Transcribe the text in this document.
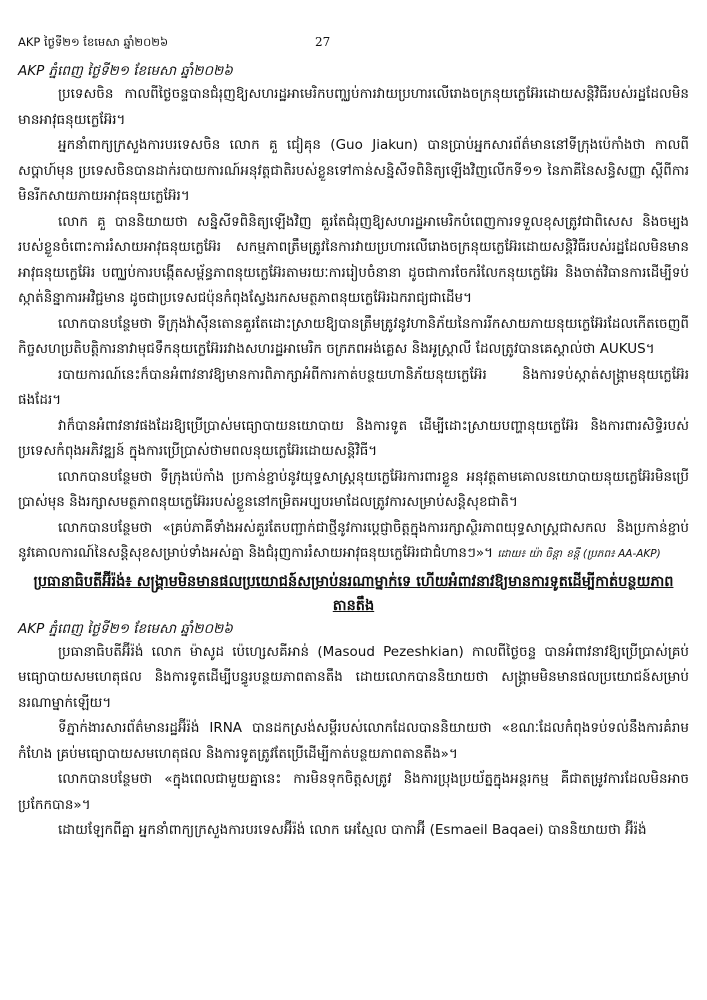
AKP ថ្ងៃទី២១ ខែមេសា ឆ្នាំ២០២៦	27
AKP ភ្នំពេញ ថ្ងៃទី២១ ខែមេសា ឆ្នាំ២០២៦

ប្រទេសចិន កាលពីថ្ងៃចន្ទបានជំរុញឱ្យសហរដ្ឋអាមេរិកបញ្ឈប់ការវាយប្រហារលើរោងចក្រនុយក្លេអ៊ែរដោយសន្តិវិធីរបស់រដ្ឋដែលមិនមានអាវុធនុយក្លេអ៊ែរ។

អ្នកនាំពាក្យក្រសួងការបរទេសចិន លោក គួ ជៀគុន (Guo Jiakun) បានប្រាប់អ្នកសារព័ត៌មាននៅទីក្រុងប៉េកាំងថា កាលពីសប្តាហ៍មុន ប្រទេសចិនបានដាក់របាយការណ៍អនុវត្តជាតិរបស់ខ្លួនទៅកាន់សន្និសីទពិនិត្យឡើងវិញលើកទី១១ នៃភាគីនៃសន្ធិសញ្ញា ស្តីពីការមិនរីកសាយភាយអាវុធនុយក្លេអ៊ែរ។

លោក គួ បាននិយាយថា សន្និសីទពិនិត្យឡើងវិញ គួរតែជំរុញឱ្យសហរដ្ឋអាមេរិកបំពេញការទទួលខុសត្រូវជាពិសេស និងចម្បងរបស់ខ្លួនចំពោះការរំសាយអាវុធនុយក្លេអ៊ែរ សកម្មភាពត្រឹមត្រូវនៃការវាយប្រហារលើរោងចក្រនុយក្លេអ៊ែរដោយសន្តិវិធីរបស់រដ្ឋដែលមិនមានអាវុធនុយក្លេអ៊ែរ បញ្ឈប់ការបង្កើតសម្ព័ន្ធភាពនុយក្លេអ៊ែរតាមរយៈការរៀបចំនានា ដូចជាការចែករំលែកនុយក្លេអ៊ែរ និងចាត់វិធានការដើម្បីទប់ស្កាត់និន្នាការអវិជ្ជមាន ដូចជាប្រទេសជប៉ុនកំពុងស្វែងរកសមត្ថភាពនុយក្លេអ៊ែរឯករាជ្យជាដើម។

លោកបានបន្ថែមថា ទីក្រុងវ៉ាស៊ីនតោនគួរតែដោះស្រាយឱ្យបានត្រឹមត្រូវនូវហានិភ័យនៃការរីកសាយភាយនុយក្លេអ៊ែរដែលកើតចេញពីកិច្ចសហប្រតិបត្តិការនាវាមុជទឹកនុយក្លេអ៊ែររវាងសហរដ្ឋអាមេរិក ចក្រភពអង់គ្លេស និងអូស្ត្រាលី ដែលត្រូវបានគេស្គាល់ថា AUKUS។

របាយការណ៍នេះក៏បានអំពាវនាវឱ្យមានការពិភាក្សាអំពីការកាត់បន្ថយហានិភ័យនុយក្លេអ៊ែរ និងការទប់ស្កាត់សង្គ្រាមនុយក្លេអ៊ែរផងដែរ។

វាក៏បានអំពាវនាវផងដែរឱ្យប្រើប្រាស់មធ្យោបាយនយោបាយ និងការទូត ដើម្បីដោះស្រាយបញ្ហានុយក្លេអ៊ែរ និងការពារសិទ្ធិរបស់ប្រទេសកំពុងអភិវឌ្ឍន៍ ក្នុងការប្រើប្រាស់ថាមពលនុយក្លេអ៊ែរដោយសន្តិវិធី។

លោកបានបន្ថែមថា ទីក្រុងប៉េកាំង ប្រកាន់ខ្ជាប់នូវយុទ្ធសាស្ត្រនុយក្លេអ៊ែរការពារខ្លួន អនុវត្តតាមគោលនយោបាយនុយក្លេអ៊ែរមិនប្រើប្រាស់មុន និងរក្សាសមត្ថភាពនុយក្លេអ៊ែររបស់ខ្លួននៅកម្រិតអប្បបរមាដែលត្រូវការសម្រាប់សន្តិសុខជាតិ។

លោកបានបន្ថែមថា «គ្រប់ភាគីទាំងអស់គួរតែបញ្ជាក់ជាថ្មីនូវការប្តេជ្ញាចិត្តក្នុងការរក្សាស្ថិរភាពយុទ្ធសាស្ត្រជាសកល និងប្រកាន់ខ្ជាប់នូវគោលការណ៍នៃសន្តិសុខសម្រាប់ទាំងអស់គ្នា និងជំរុញការរំសាយអាវុធនុយក្លេអ៊ែរជាជំហានៗ»។ ដោយ៖ យ៉ា ចិន្តា ខន្តី (ប្រភព៖ AA-AKP)

ប្រធានាធិបតីអ៊ីរ៉ង់៖ សង្គ្រាមមិនមានផលប្រយោជន៍សម្រាប់នរណាម្នាក់ទេ ហើយអំពាវនាវឱ្យមានការទូតដើម្បីកាត់បន្ថយភាពតានតឹង
AKP ភ្នំពេញ ថ្ងៃទី២១ ខែមេសា ឆ្នាំ២០២៦

ប្រធានាធិបតីអ៊ីរ៉ង់ លោក ម៉ាសូដ ប៉េហ្សេសគីអាន់ (Masoud Pezeshkian) កាលពីថ្ងៃចន្ទ បានអំពាវនាវឱ្យប្រើប្រាស់គ្រប់មធ្យោបាយសមហេតុផល និងការទូតដើម្បីបន្ធូរបន្ថយភាពតានតឹង ដោយលោកបាននិយាយថា សង្គ្រាមមិនមានផលប្រយោជន៍សម្រាប់នរណាម្នាក់ឡើយ។

ទីភ្នាក់ងារសារព័ត៌មានរដ្ឋអ៊ីរ៉ង់ IRNA បានដកស្រង់សម្តីរបស់លោកដែលបាននិយាយថា «ខណៈដែលកំពុងទប់ទល់នឹងការគំរាមកំហែង គ្រប់មធ្យោបាយសមហេតុផល និងការទូតត្រូវតែប្រើដើម្បីកាត់បន្ថយភាពតានតឹង»។

លោកបានបន្ថែមថា «ក្នុងពេលជាមួយគ្នានេះ ការមិនទុកចិត្តសត្រូវ និងការប្រុងប្រយ័ត្នក្នុងអន្តរកម្ម គឺជាតម្រូវការដែលមិនអាចប្រកែកបាន»។

ដោយឡែកពីគ្នា អ្នកនាំពាក្យក្រសួងការបរទេសអ៊ីរ៉ង់ លោក អេស្មែល បាកាអ៊ី (Esmaeil Baqaei) បាននិយាយថា អ៊ីរ៉ង់
